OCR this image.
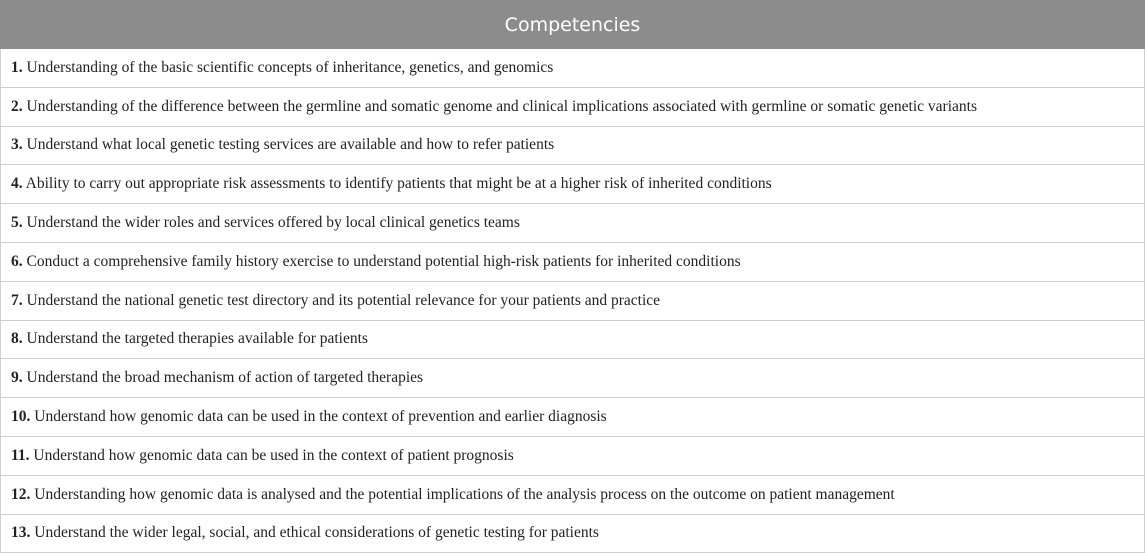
Competencies
1. Understanding of the basic scientific concepts of inheritance, genetics, and genomics
2. Understanding of the difference between the germline and somatic genome and clinical implications associated with germline or somatic genetic variants
3. Understand what local genetic testing services are available and how to refer patients
4. Ability to carry out appropriate risk assessments to identify patients that might be at a higher risk of inherited conditions
5. Understand the wider roles and services offered by local clinical genetics teams
6. Conduct a comprehensive family history exercise to understand potential high-risk patients for inherited conditions
7. Understand the national genetic test directory and its potential relevance for your patients and practice
8. Understand the targeted therapies available for patients
9. Understand the broad mechanism of action of targeted therapies
10. Understand how genomic data can be used in the context of prevention and earlier diagnosis
11. Understand how genomic data can be used in the context of patient prognosis
12. Understanding how genomic data is analysed and the potential implications of the analysis process on the outcome on patient management
13. Understand the wider legal, social, and ethical considerations of genetic testing for patients
